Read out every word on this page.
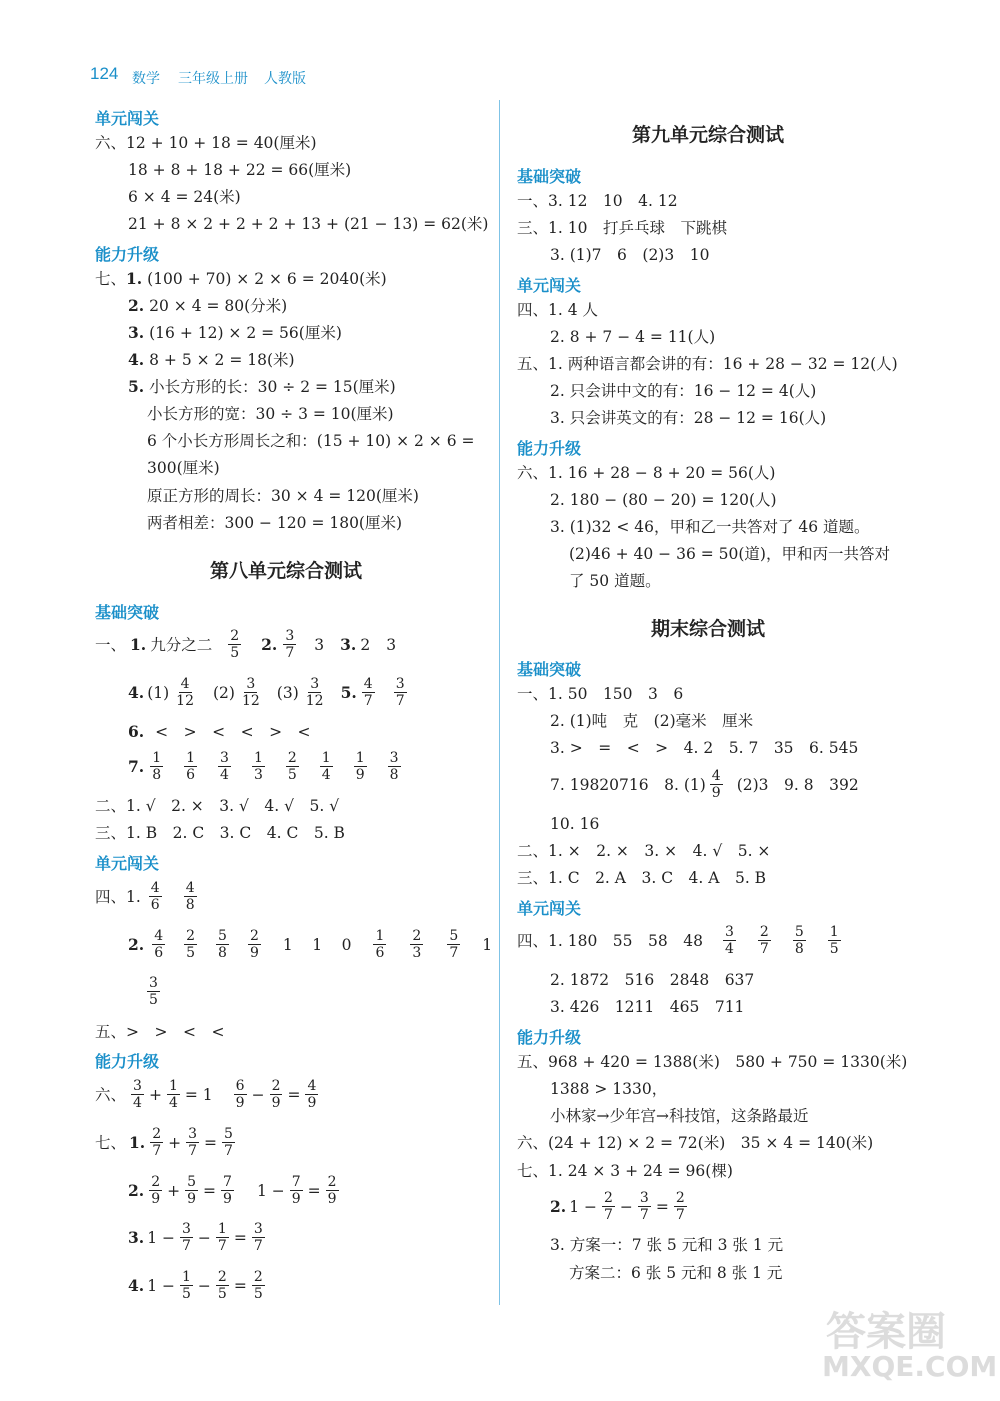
124 数学 三年级上册 人教版
单元闯关
六、12 + 10 + 18 = 40(厘米)
18 + 8 + 18 + 22 = 66(厘米)
6 × 4 = 24(米)
21 + 8 × 2 + 2 + 2 + 13 + (21 − 13) = 62(米)
能力升级
七、1. (100 + 70) × 2 × 6 = 2040(米)
2. 20 × 4 = 80(分米)
3. (16 + 12) × 2 = 56(厘米)
4. 8 + 5 × 2 = 18(米)
5. 小长方形的长：30 ÷ 2 = 15(厘米)
小长方形的宽：30 ÷ 3 = 10(厘米)
6 个小长方形周长之和：(15 + 10) × 2 × 6 =
300(厘米)
原正方形的周长：30 × 4 = 120(厘米)
两者相差：300 − 120 = 180(厘米)
第八单元综合测试
基础突破
一、 1. 九分之二 $\frac{2}{5} 2$. $\frac{3}{7} 3$ 3. 2 3
4. $(1) \frac{4}{12} (2) \frac{3}{12} (3) \frac{3}{12} 5$. $\frac{4}{7} \frac{3}{7}$
6. <　>　<　<　>　<
7. $\frac{1}{8} \frac{1}{6} \frac{3}{4} \frac{1}{3} \frac{2}{5} \frac{1}{4} \frac{1}{9} \frac{3}{8}$
二、1. √　2. ×　3. √　4. √　5. √
三、1. B　2. C　3. C　4. C　5. B
单元闯关
四、1. $\frac{4}{6} \frac{4}{8}$
2. $\frac{4}{6} \frac{2}{5} \frac{5}{8} \frac{2}{9} 1$　1　$0 \frac{1}{6} \frac{2}{3} \frac{5}{7} 1$
$\frac{3}{5}$
五、>　>　<　<
能力升级
六、 $\frac{3}{4} + \frac{1}{4} = 1 \frac{6}{9} - \frac{2}{9} = \frac{4}{9}$
七、 1. $\frac{2}{7} + \frac{3}{7} = \frac{5}{7}$
2. $\frac{2}{9} + \frac{5}{9} = \frac{7}{9} 1 - \frac{7}{9} = \frac{2}{9}$
3. $1 - \frac{3}{7} - \frac{1}{7} = \frac{3}{7}$
4. $1 - \frac{1}{5} - \frac{2}{5} = \frac{2}{5}$
第九单元综合测试
基础突破
一、3. 12　10　4. 12
三、1. 10　打乒乓球　下跳棋
3. (1)7　6　(2)3　10
单元闯关
四、1. 4 人
2. 8 + 7 − 4 = 11(人)
五、1. 两种语言都会讲的有：16 + 28 − 32 = 12(人)
2. 只会讲中文的有：16 − 12 = 4(人)
3. 只会讲英文的有：28 − 12 = 16(人)
能力升级
六、1. 16 + 28 − 8 + 20 = 56(人)
2. 180 − (80 − 20) = 120(人)
3. (1)32 < 46，甲和乙一共答对了 46 道题。
(2)46 + 40 − 36 = 50(道)，甲和丙一共答对
了 50 道题。
期末综合测试
基础突破
一、1. 50　150　3　6
2. (1)吨　克　(2)毫米　厘米
3. >　=　<　>　4. 2　5. 7　35　6. 545
7. 19820716　8. $(1) \frac{4}{9} (2)3$　9. 8　392
10. 16
二、1. ×　2. ×　3. ×　4. √　5. ×
三、1. C　2. A　3. C　4. A　5. B
单元闯关
四、1. 180　55　58　$48 \frac{3}{4} \frac{2}{7} \frac{5}{8} \frac{1}{5}$
2. 1872　516　2848　637
3. 426　1211　465　711
能力升级
五、968 + 420 = 1388(米)　580 + 750 = 1330(米)
1388 > 1330，
小林家→少年宫→科技馆，这条路最近
六、(24 + 12) × 2 = 72(米)　35 × 4 = 140(米)
七、1. 24 × 3 + 24 = 96(棵)
2. $1 - \frac{2}{7} - \frac{3}{7} = \frac{2}{7}$
3. 方案一：7 张 5 元和 3 张 1 元
方案二：6 张 5 元和 8 张 1 元
答案圈
MXQE.COM
